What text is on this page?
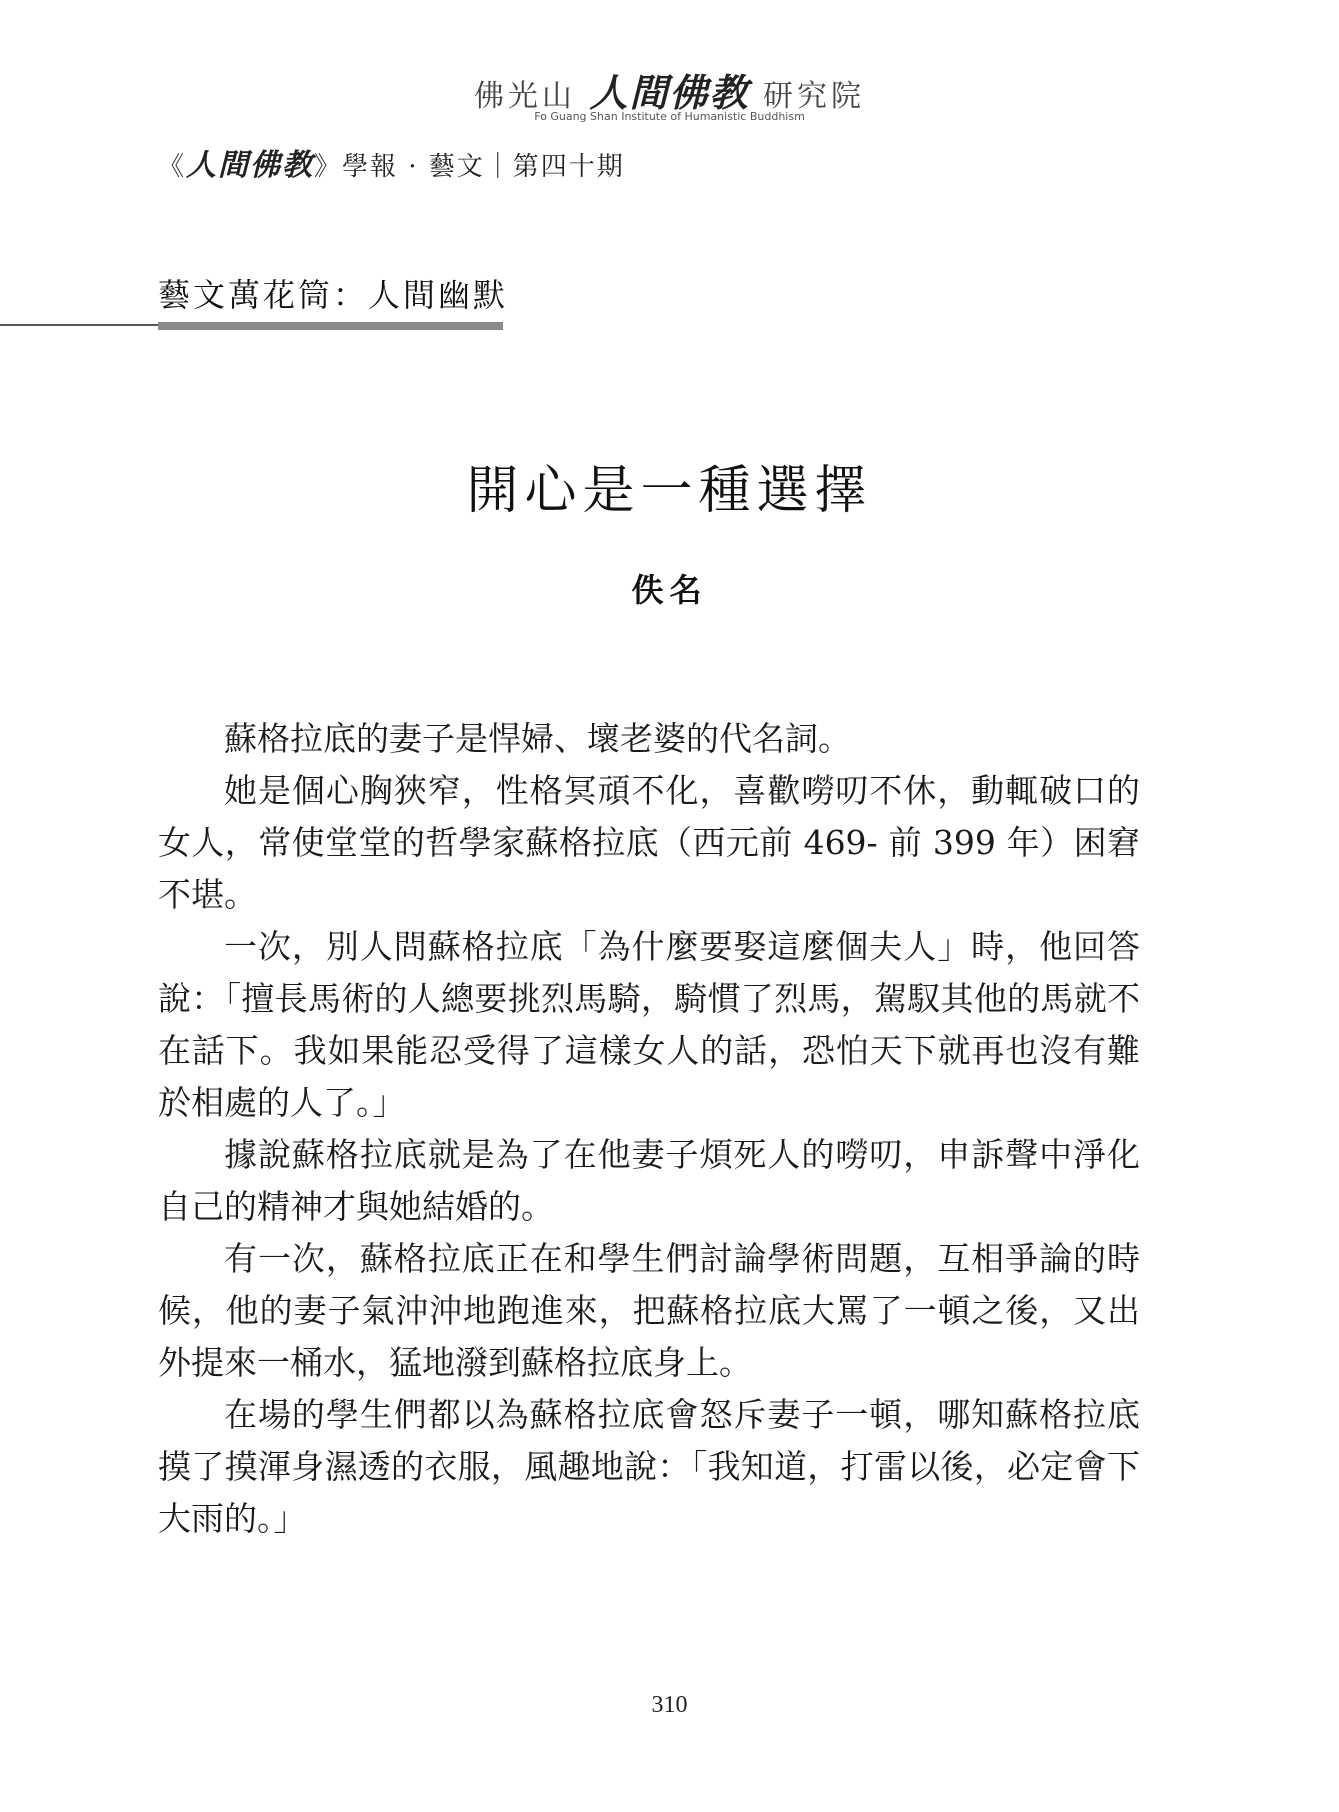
佛光山 人間佛教 研究院
Fo Guang Shan Institute of Humanistic Buddhism
《人間佛教》學報 · 藝文｜第四十期
藝文萬花筒：人間幽默
開心是一種選擇
佚名

蘇格拉底的妻子是悍婦、壞老婆的代名詞。

她是個心胸狹窄，性格冥頑不化，喜歡嘮叨不休，動輒破口的女人，常使堂堂的哲學家蘇格拉底（西元前 469- 前 399 年）困窘不堪。

一次，別人問蘇格拉底「為什麼要娶這麼個夫人」時，他回答說：「擅長馬術的人總要挑烈馬騎，騎慣了烈馬，駕馭其他的馬就不在話下。我如果能忍受得了這樣女人的話，恐怕天下就再也沒有難於相處的人了。」

據說蘇格拉底就是為了在他妻子煩死人的嘮叨，申訴聲中淨化自己的精神才與她結婚的。

有一次，蘇格拉底正在和學生們討論學術問題，互相爭論的時候，他的妻子氣沖沖地跑進來，把蘇格拉底大罵了一頓之後，又出外提來一桶水，猛地潑到蘇格拉底身上。

在場的學生們都以為蘇格拉底會怒斥妻子一頓，哪知蘇格拉底摸了摸渾身濕透的衣服，風趣地說：「我知道，打雷以後，必定會下大雨的。」

310
